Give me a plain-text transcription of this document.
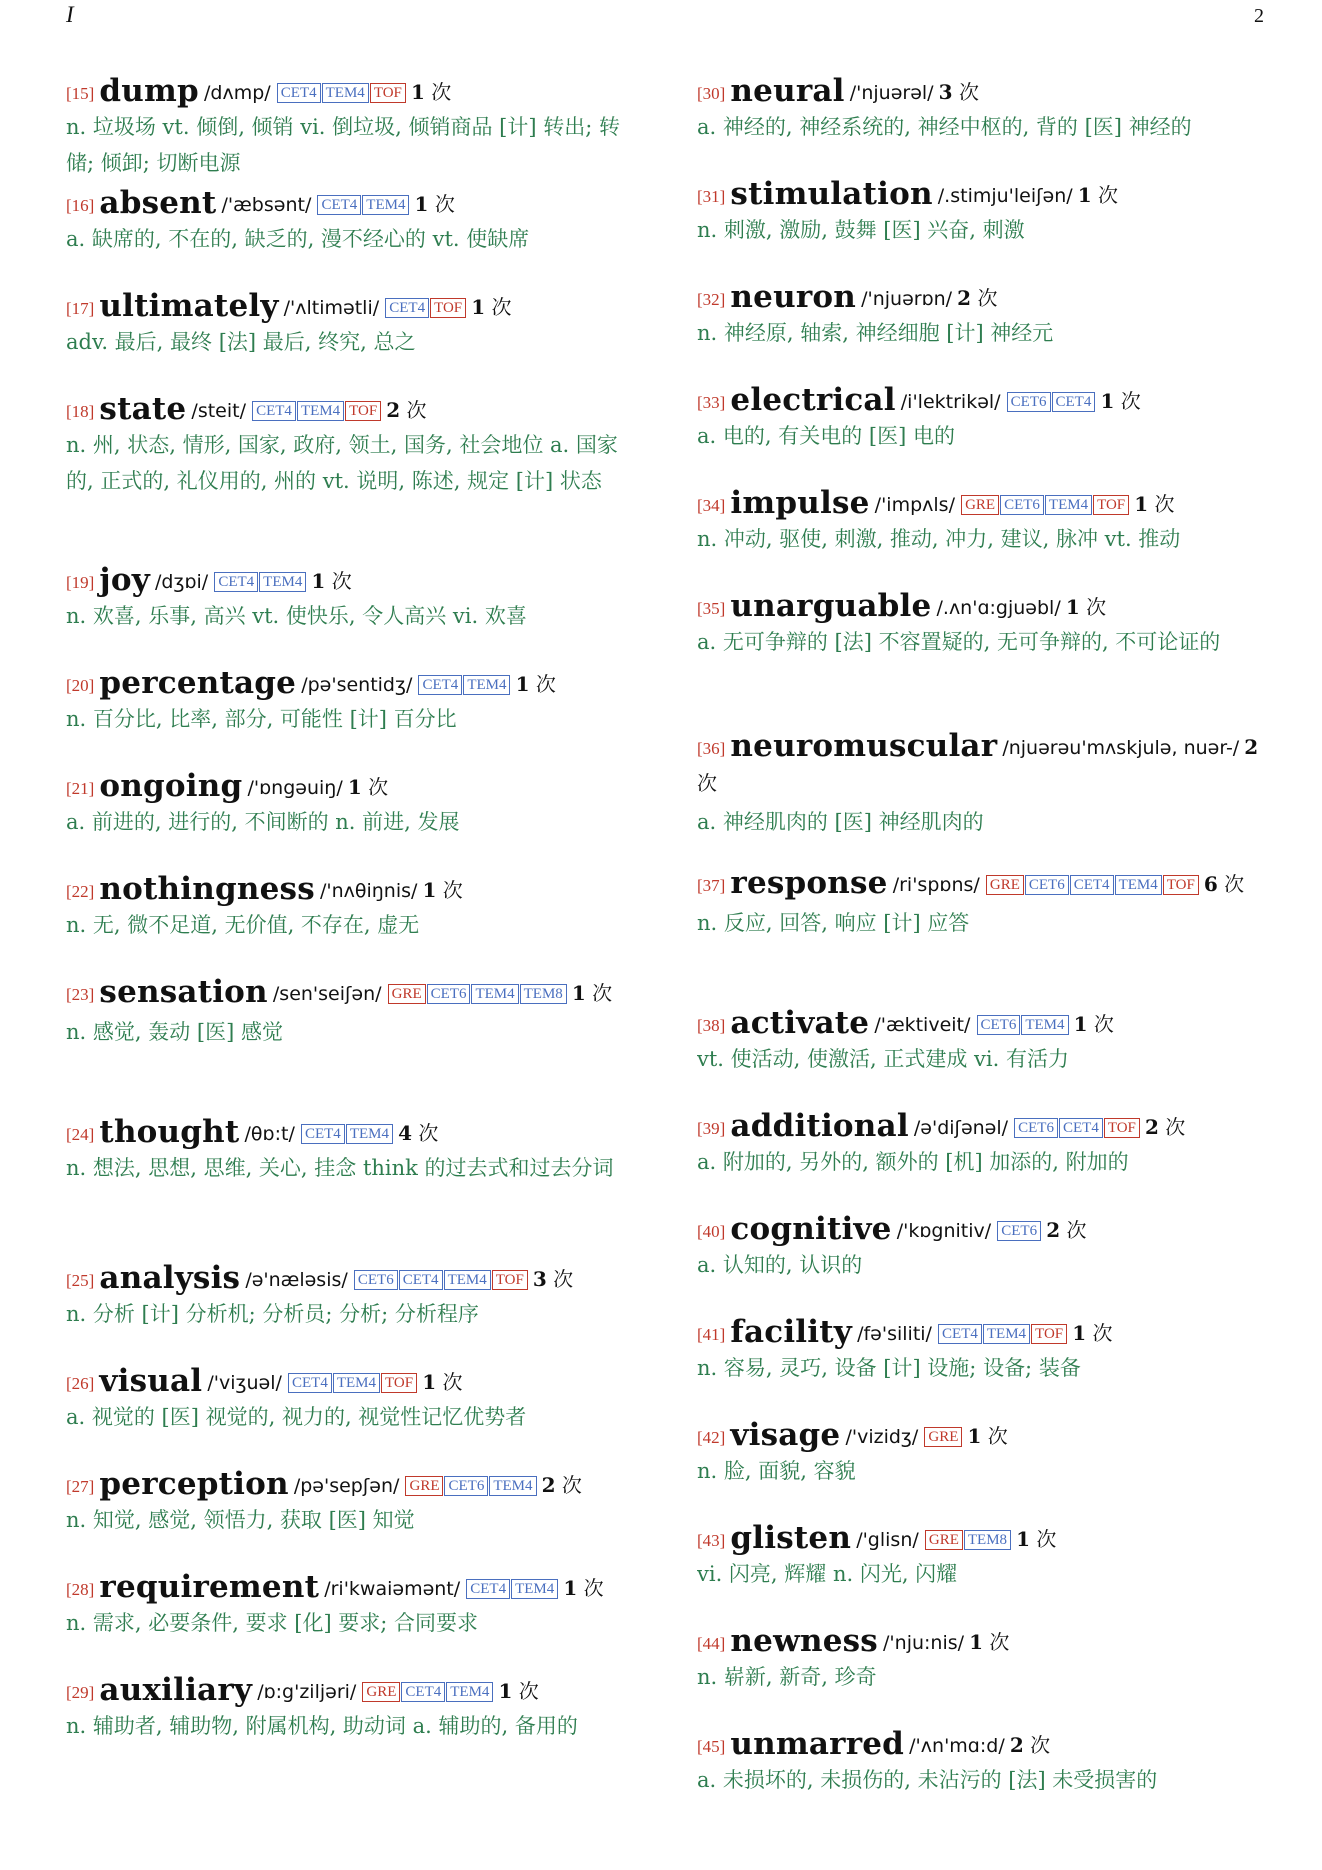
I	2
[15] dump /dʌmp/ CET4 TEM4 TOF 1 次
n. 垃圾场 vt. 倾倒, 倾销 vi. 倒垃圾, 倾销商品 [计] 转出; 转储; 倾卸; 切断电源
[16] absent /'æbsənt/ CET4 TEM4 1 次
a. 缺席的, 不在的, 缺乏的, 漫不经心的 vt. 使缺席
[17] ultimately /'ʌltimətli/ CET4 TOF 1 次
adv. 最后, 最终 [法] 最后, 终究, 总之
[18] state /steit/ CET4 TEM4 TOF 2 次
n. 州, 状态, 情形, 国家, 政府, 领土, 国务, 社会地位 a. 国家的, 正式的, 礼仪用的, 州的 vt. 说明, 陈述, 规定 [计] 状态
[19] joy /dʒɒi/ CET4 TEM4 1 次
n. 欢喜, 乐事, 高兴 vt. 使快乐, 令人高兴 vi. 欢喜
[20] percentage /pə'sentidʒ/ CET4 TEM4 1 次
n. 百分比, 比率, 部分, 可能性 [计] 百分比
[21] ongoing /'ɒngəuiŋ/ 1 次
a. 前进的, 进行的, 不间断的 n. 前进, 发展
[22] nothingness /'nʌθiŋnis/ 1 次
n. 无, 微不足道, 无价值, 不存在, 虚无
[23] sensation /sen'seiʃən/ GRE CET6 TEM4 TEM8 1 次
n. 感觉, 轰动 [医] 感觉
[24] thought /θɒ:t/ CET4 TEM4 4 次
n. 想法, 思想, 思维, 关心, 挂念 think 的过去式和过去分词
[25] analysis /ə'næləsis/ CET6 CET4 TEM4 TOF 3 次
n. 分析 [计] 分析机; 分析员; 分析; 分析程序
[26] visual /'viʒuəl/ CET4 TEM4 TOF 1 次
a. 视觉的 [医] 视觉的, 视力的, 视觉性记忆优势者
[27] perception /pə'sepʃən/ GRE CET6 TEM4 2 次
n. 知觉, 感觉, 领悟力, 获取 [医] 知觉
[28] requirement /ri'kwaiəmənt/ CET4 TEM4 1 次
n. 需求, 必要条件, 要求 [化] 要求; 合同要求
[29] auxiliary /ɒ:g'ziljəri/ GRE CET4 TEM4 1 次
n. 辅助者, 辅助物, 附属机构, 助动词 a. 辅助的, 备用的
[30] neural /'njuərəl/ 3 次
a. 神经的, 神经系统的, 神经中枢的, 背的 [医] 神经的
[31] stimulation /.stimju'leiʃən/ 1 次
n. 刺激, 激励, 鼓舞 [医] 兴奋, 刺激
[32] neuron /'njuərɒn/ 2 次
n. 神经原, 轴索, 神经细胞 [计] 神经元
[33] electrical /i'lektrikəl/ CET6 CET4 1 次
a. 电的, 有关电的 [医] 电的
[34] impulse /'impʌls/ GRE CET6 TEM4 TOF 1 次
n. 冲动, 驱使, 刺激, 推动, 冲力, 建议, 脉冲 vt. 推动
[35] unarguable /.ʌn'ɑ:gjuəbl/ 1 次
a. 无可争辩的 [法] 不容置疑的, 无可争辩的, 不可论证的
[36] neuromuscular /njuərəu'mʌskjulə, nuər-/ 2 次
a. 神经肌肉的 [医] 神经肌肉的
[37] response /ri'spɒns/ GRE CET6 CET4 TEM4 TOF 6 次
n. 反应, 回答, 响应 [计] 应答
[38] activate /'æktiveit/ CET6 TEM4 1 次
vt. 使活动, 使激活, 正式建成 vi. 有活力
[39] additional /ə'diʃənəl/ CET6 CET4 TOF 2 次
a. 附加的, 另外的, 额外的 [机] 加添的, 附加的
[40] cognitive /'kɒgnitiv/ CET6 2 次
a. 认知的, 认识的
[41] facility /fə'siliti/ CET4 TEM4 TOF 1 次
n. 容易, 灵巧, 设备 [计] 设施; 设备; 装备
[42] visage /'vizidʒ/ GRE 1 次
n. 脸, 面貌, 容貌
[43] glisten /'glisn/ GRE TEM8 1 次
vi. 闪亮, 辉耀 n. 闪光, 闪耀
[44] newness /'nju:nis/ 1 次
n. 崭新, 新奇, 珍奇
[45] unmarred /'ʌn'mɑ:d/ 2 次
a. 未损坏的, 未损伤的, 未沾污的 [法] 未受损害的
